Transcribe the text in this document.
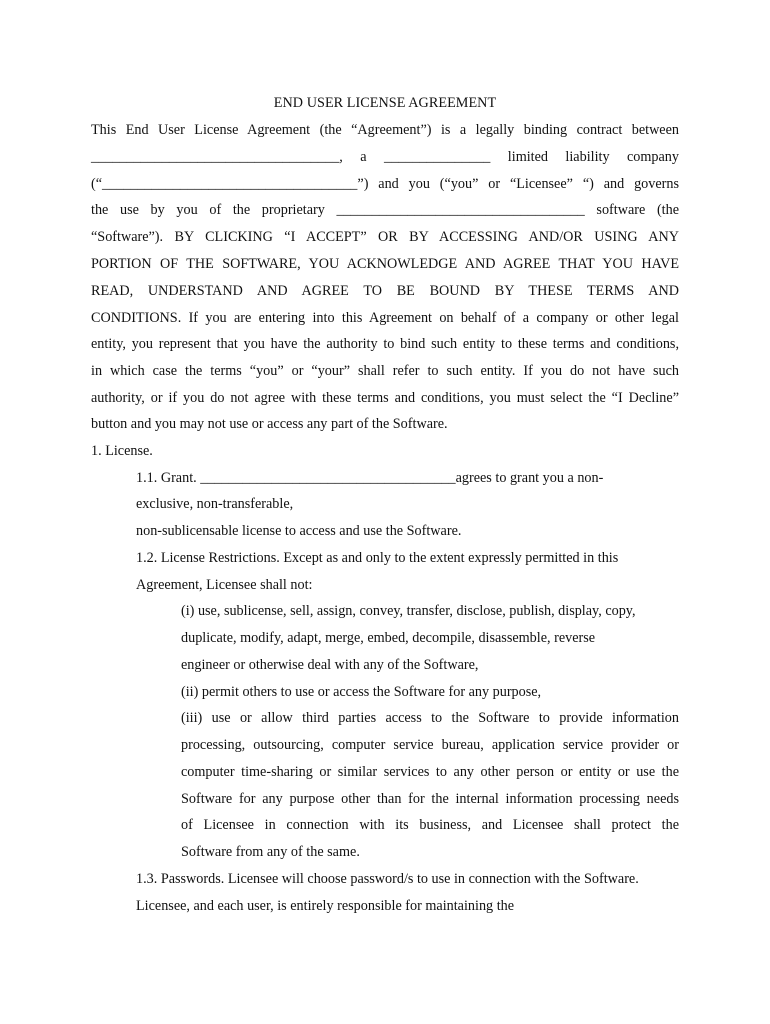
END USER LICENSE AGREEMENT
This End User License Agreement (the “Agreement”) is a legally binding contract between
___________________________________, a _______________ limited liability company
(“____________________________________”) and you (“you” or “Licensee” “) and governs
the use by you of the proprietary ___________________________________ software (the
“Software”). BY CLICKING “I ACCEPT” OR BY ACCESSING AND/OR USING ANY
PORTION OF THE SOFTWARE, YOU ACKNOWLEDGE AND AGREE THAT YOU HAVE
READ, UNDERSTAND AND AGREE TO BE BOUND BY THESE TERMS AND
CONDITIONS. If you are entering into this Agreement on behalf of a company or other legal
entity, you represent that you have the authority to bind such entity to these terms and conditions,
in which case the terms “you” or “your” shall refer to such entity. If you do not have such
authority, or if you do not agree with these terms and conditions, you must select the “I Decline”
button and you may not use or access any part of the Software.
1. License.
1.1. Grant. ____________________________________agrees to grant you a non-
exclusive, non-transferable,
non-sublicensable license to access and use the Software.
1.2. License Restrictions. Except as and only to the extent expressly permitted in this
Agreement, Licensee shall not:
(i) use, sublicense, sell, assign, convey, transfer, disclose, publish, display, copy,
duplicate, modify, adapt, merge, embed, decompile, disassemble, reverse
engineer or otherwise deal with any of the Software,
(ii) permit others to use or access the Software for any purpose,
(iii) use or allow third parties access to the Software to provide information
processing, outsourcing, computer service bureau, application service provider or
computer time-sharing or similar services to any other person or entity or use the
Software for any purpose other than for the internal information processing needs
of Licensee in connection with its business, and Licensee shall protect the
Software from any of the same.
1.3. Passwords. Licensee will choose password/s to use in connection with the Software.
Licensee, and each user, is entirely responsible for maintaining the
